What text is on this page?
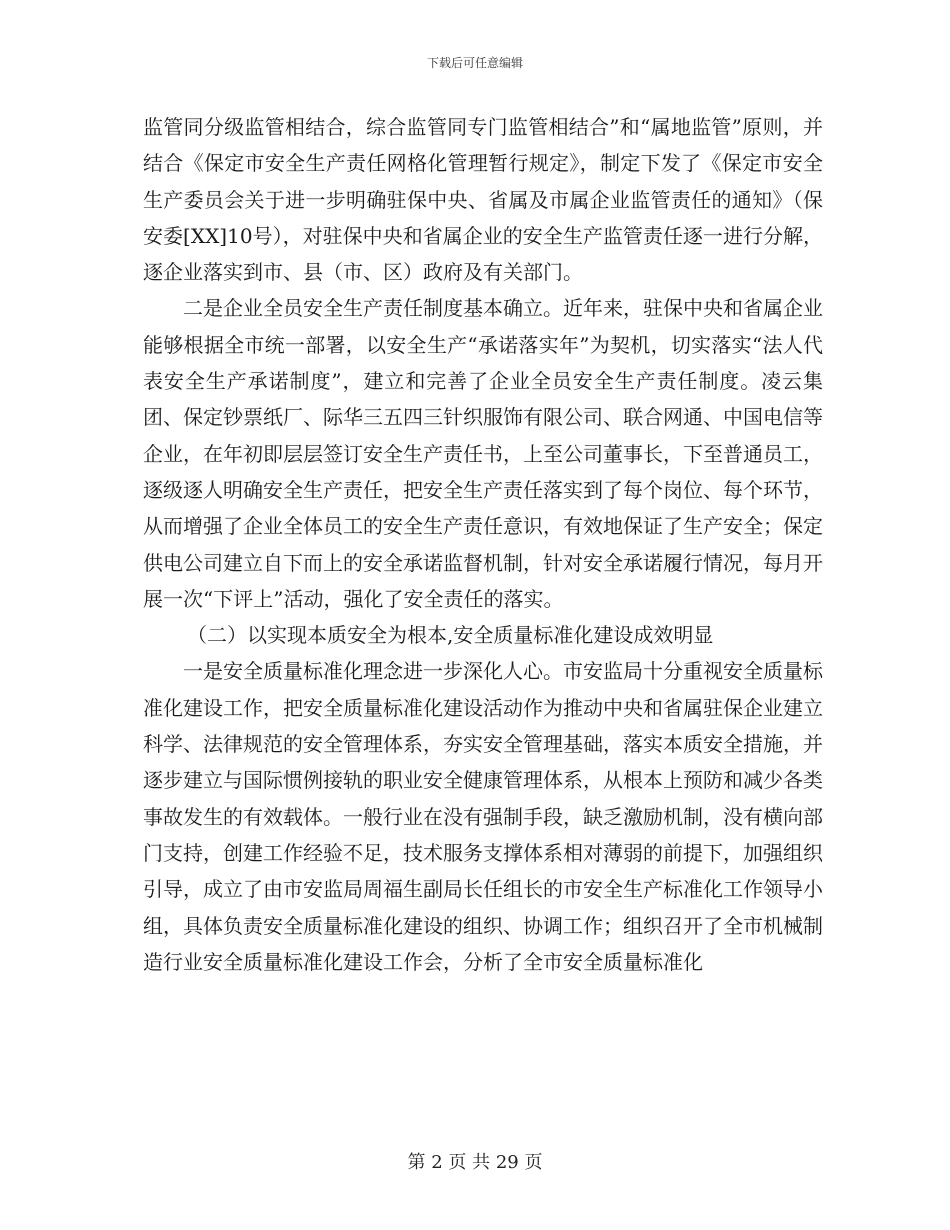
下载后可任意编辑

监管同分级监管相结合，综合监管同专门监管相结合”和“属地监管”原则，并结合《保定市安全生产责任网格化管理暂行规定》，制定下发了《保定市安全生产委员会关于进一步明确驻保中央、省属及市属企业监管责任的通知》（保安委[XX]10号），对驻保中央和省属企业的安全生产监管责任逐一进行分解，逐企业落实到市、县（市、区）政府及有关部门。

二是企业全员安全生产责任制度基本确立。近年来，驻保中央和省属企业能够根据全市统一部署，以安全生产“承诺落实年”为契机，切实落实“法人代表安全生产承诺制度”，建立和完善了企业全员安全生产责任制度。凌云集团、保定钞票纸厂、际华三五四三针织服饰有限公司、联合网通、中国电信等企业，在年初即层层签订安全生产责任书，上至公司董事长，下至普通员工，逐级逐人明确安全生产责任，把安全生产责任落实到了每个岗位、每个环节，从而增强了企业全体员工的安全生产责任意识，有效地保证了生产安全；保定供电公司建立自下而上的安全承诺监督机制，针对安全承诺履行情况，每月开展一次“下评上”活动，强化了安全责任的落实。

（二）以实现本质安全为根本,安全质量标准化建设成效明显

一是安全质量标准化理念进一步深化人心。市安监局十分重视安全质量标准化建设工作，把安全质量标准化建设活动作为推动中央和省属驻保企业建立科学、法律规范的安全管理体系，夯实安全管理基础，落实本质安全措施，并逐步建立与国际惯例接轨的职业安全健康管理体系，从根本上预防和减少各类事故发生的有效载体。一般行业在没有强制手段，缺乏激励机制，没有横向部门支持，创建工作经验不足，技术服务支撑体系相对薄弱的前提下，加强组织引导，成立了由市安监局周福生副局长任组长的市安全生产标准化工作领导小组，具体负责安全质量标准化建设的组织、协调工作；组织召开了全市机械制造行业安全质量标准化建设工作会，分析了全市安全质量标准化

第 2 页 共 29 页
